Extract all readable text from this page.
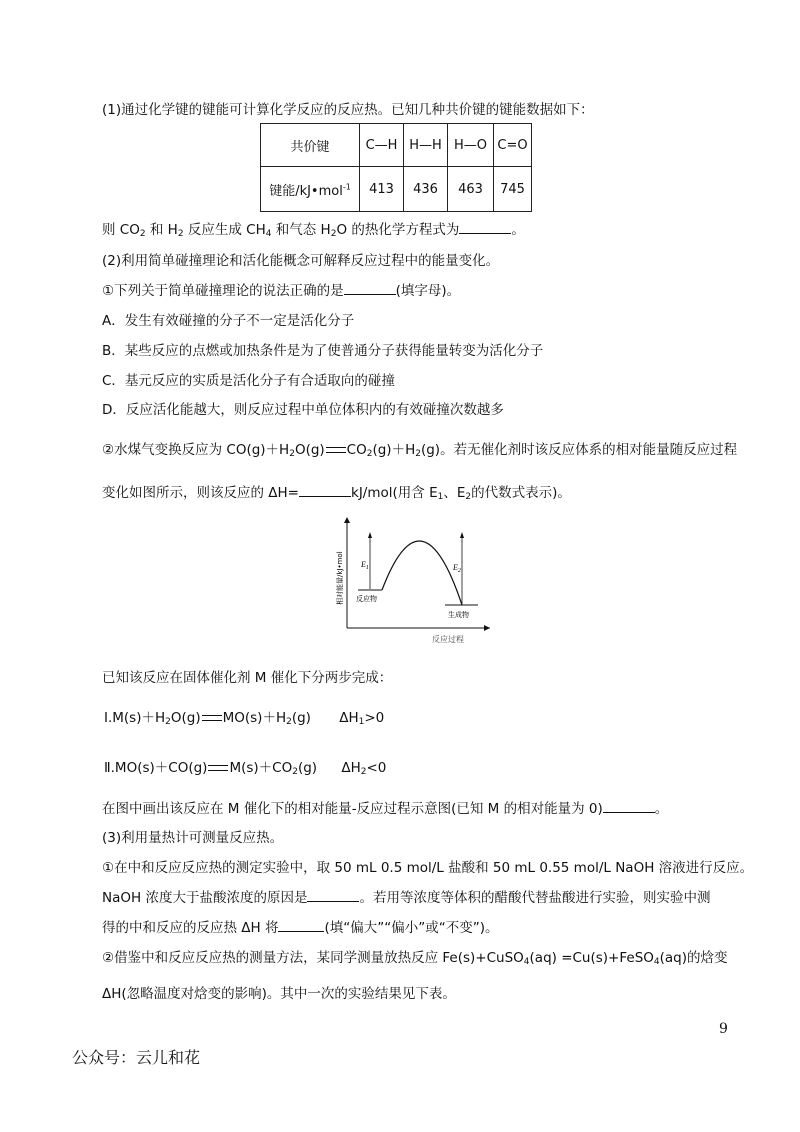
(1)通过化学键的键能可计算化学反应的反应热。已知几种共价键的键能数据如下：
共价键	C—H	H—H	H—O	C=O
键能/kJ•mol$^{-1}$	413	436	463	745
则 $CO_2$ 和 $H_2$ 反应生成 $CH_4$ 和气态 $H_2O$ 的热化学方程式为	。
(2)利用简单碰撞理论和活化能概念可解释反应过程中的能量变化。
①下列关于简单碰撞理论的说法正确的是	(填字母)。
A．发生有效碰撞的分子不一定是活化分子
B．某些反应的点燃或加热条件是为了使普通分子获得能量转变为活化分子
C．基元反应的实质是活化分子有合适取向的碰撞
D．反应活化能越大，则反应过程中单位体积内的有效碰撞次数越多
②水煤气变换反应为 $CO(g)+H_2O(g)$ $CO_2(g)+H_2(g)$。若无催化剂时该反应体系的相对能量随反应过程
变化如图所示，则该反应的 ΔH=	kJ/mol(用含 $E_1$、$E_2$的代数式表示)。
$E_1$	$E_2$
反应物
生成物
反应过程
相对能量/kJ•mol
已知该反应在固体催化剂 M 催化下分两步完成：
$Ⅰ.M(s)+H_2O(g)$ $MO(s)+H_2(g)$ $\Delta H_1>0$
Ⅱ.MO(s)＋CO(g) $M(s)+CO_2(g)$ $\Delta H_2<0$
在图中画出该反应在 M 催化下的相对能量-反应过程示意图(已知 M 的相对能量为 0)	。
(3)利用量热计可测量反应热。
①在中和反应反应热的测定实验中，取 50 mL 0.5 mol/L 盐酸和 50 mL 0.55 mol/L NaOH 溶液进行反应。
NaOH 浓度大于盐酸浓度的原因是	。若用等浓度等体积的醋酸代替盐酸进行实验，则实验中测
得的中和反应的反应热 ΔH 将	(填“偏大”“偏小”或“不变”)。
②借鉴中和反应反应热的测量方法，某同学测量放热反应 Fe(s)+CuSO$_4$(aq) =Cu(s)+FeSO$_4$(aq)的焓变
ΔH(忽略温度对焓变的影响)。其中一次的实验结果见下表。
9
公众号：云儿和花
